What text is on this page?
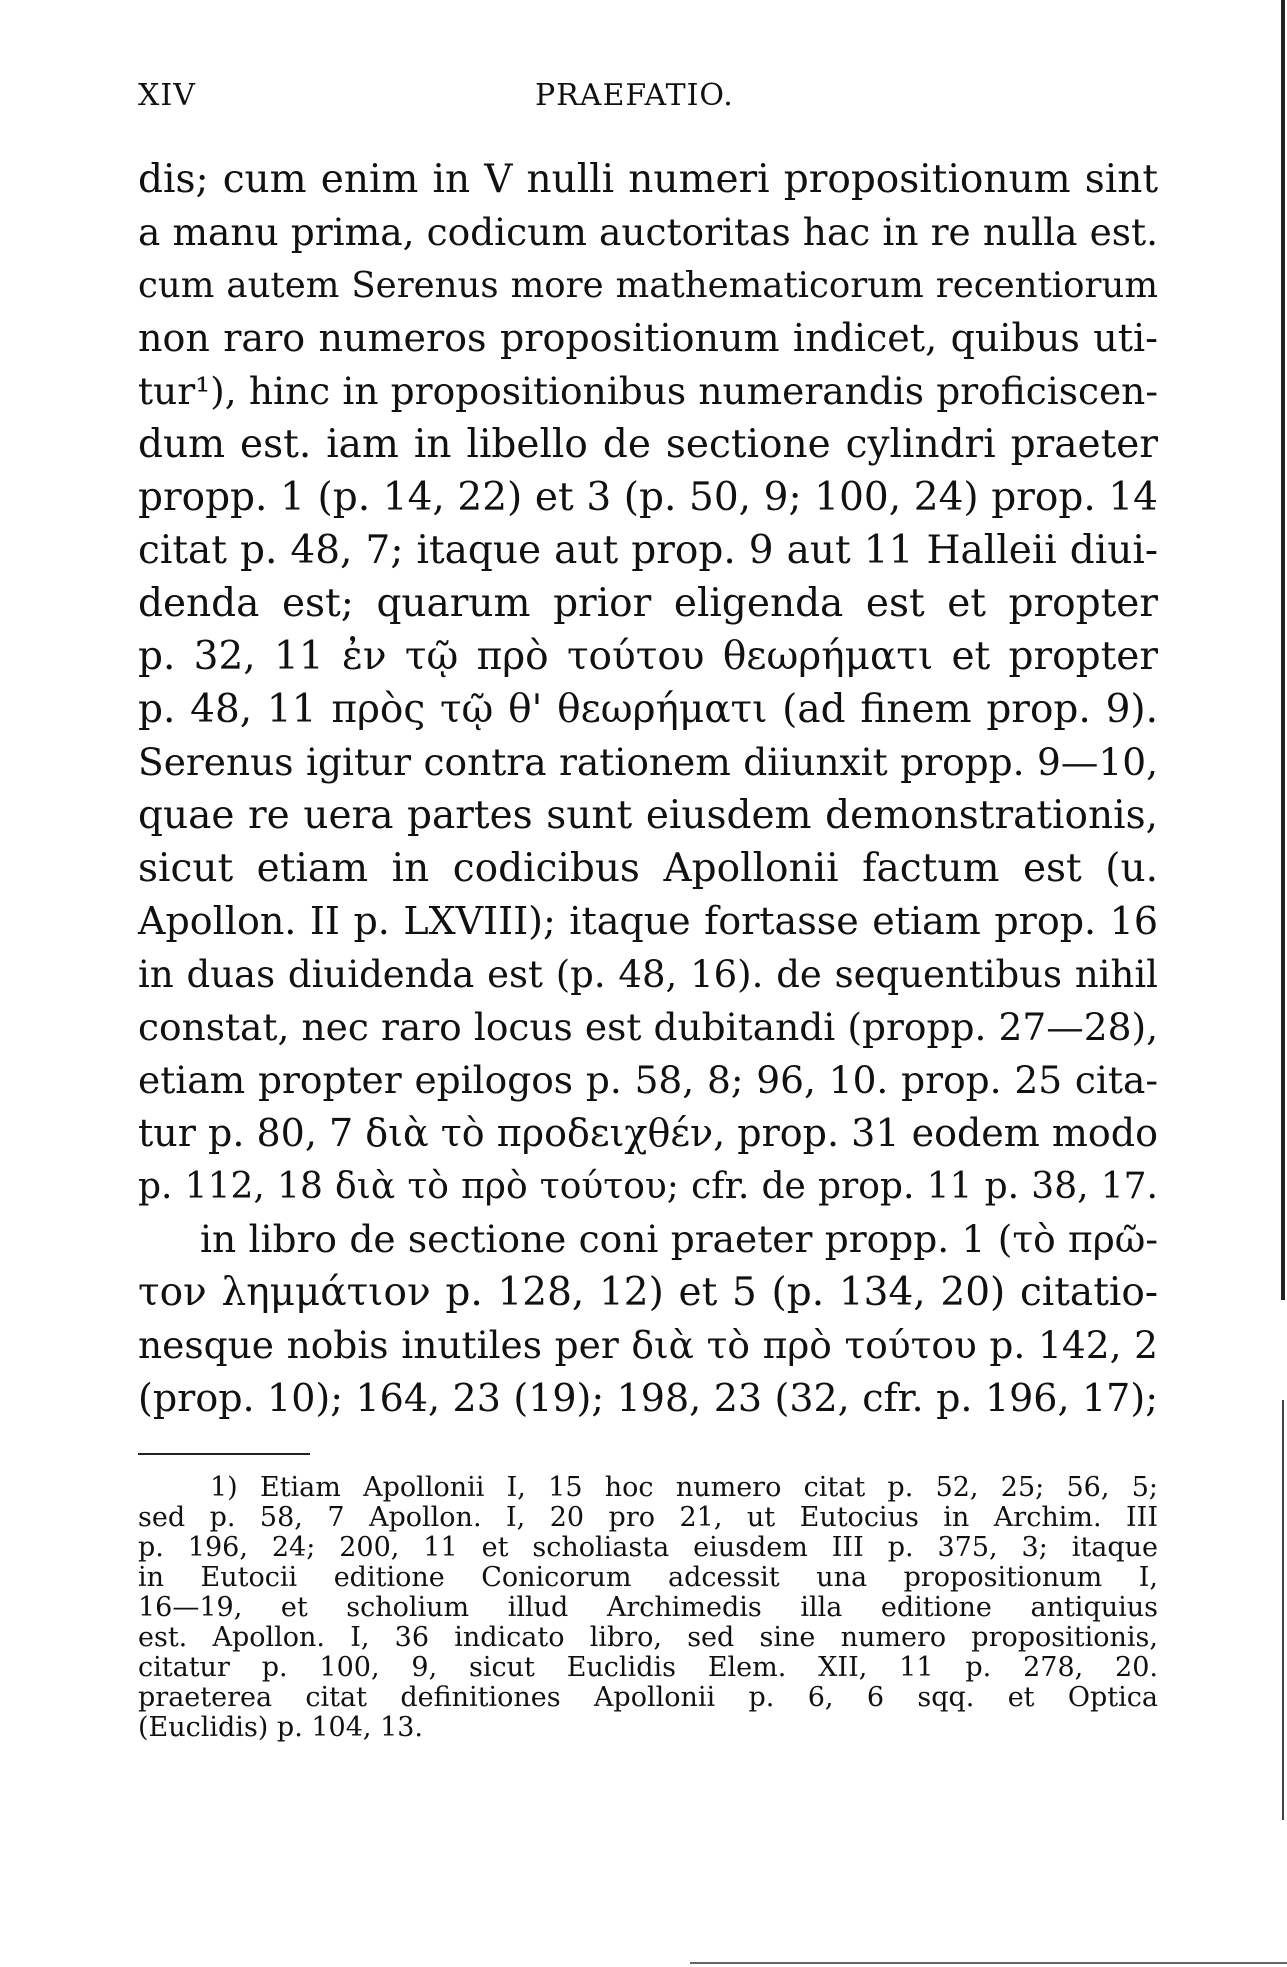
XIV	PRAEFATIO.
dis; cum enim in V nulli numeri propositionum sint
a manu prima, codicum auctoritas hac in re nulla est.
cum autem Serenus more mathematicorum recentiorum
non raro numeros propositionum indicet, quibus uti-
tur¹), hinc in propositionibus numerandis proficiscen-
dum est. iam in libello de sectione cylindri praeter
propp. 1 (p. 14, 22) et 3 (p. 50, 9; 100, 24) prop. 14
citat p. 48, 7; itaque aut prop. 9 aut 11 Halleii diui-
denda est; quarum prior eligenda est et propter
p. 32, 11 ἐν τῷ πρὸ τούτου θεωρήματι et propter
p. 48, 11 πρὸς τῷ θ' θεωρήματι (ad finem prop. 9).
Serenus igitur contra rationem diiunxit propp. 9—10,
quae re uera partes sunt eiusdem demonstrationis,
sicut etiam in codicibus Apollonii factum est (u.
Apollon. II p. LXVIII); itaque fortasse etiam prop. 16
in duas diuidenda est (p. 48, 16). de sequentibus nihil
constat, nec raro locus est dubitandi (propp. 27—28),
etiam propter epilogos p. 58, 8; 96, 10. prop. 25 cita-
tur p. 80, 7 διὰ τὸ προδειχθέν, prop. 31 eodem modo
p. 112, 18 διὰ τὸ πρὸ τούτου; cfr. de prop. 11 p. 38, 17.
in libro de sectione coni praeter propp. 1 (τὸ πρῶ-
τον λημμάτιον p. 128, 12) et 5 (p. 134, 20) citatio-
nesque nobis inutiles per διὰ τὸ πρὸ τούτου p. 142, 2
(prop. 10); 164, 23 (19); 198, 23 (32, cfr. p. 196, 17);
1) Etiam Apollonii I, 15 hoc numero citat p. 52, 25; 56, 5;
sed p. 58, 7 Apollon. I, 20 pro 21, ut Eutocius in Archim. III
p. 196, 24; 200, 11 et scholiasta eiusdem III p. 375, 3; itaque
in Eutocii editione Conicorum adcessit una propositionum I,
16—19, et scholium illud Archimedis illa editione antiquius
est. Apollon. I, 36 indicato libro, sed sine numero propositionis,
citatur p. 100, 9, sicut Euclidis Elem. XII, 11 p. 278, 20.
praeterea citat definitiones Apollonii p. 6, 6 sqq. et Optica
(Euclidis) p. 104, 13.
